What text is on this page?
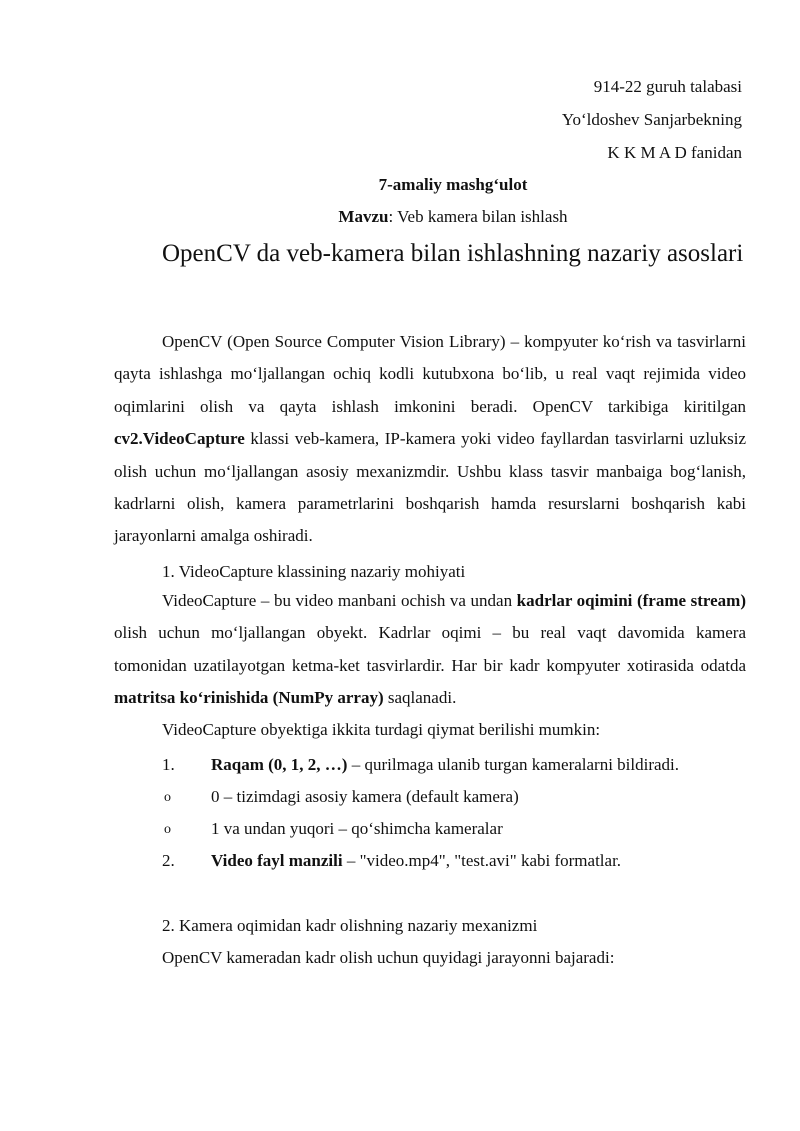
914-22 guruh talabasi
Yo‘ldoshev Sanjarbekning
K K M A D fanidan
7-amaliy mashg‘ulot
Mavzu: Veb kamera bilan ishlash
OpenCV da veb-kamera bilan ishlashning nazariy asoslari

OpenCV (Open Source Computer Vision Library) – kompyuter ko‘rish va tasvirlarni qayta ishlashga mo‘ljallangan ochiq kodli kutubxona bo‘lib, u real vaqt rejimida video oqimlarini olish va qayta ishlash imkonini beradi. OpenCV tarkibiga kiritilgan cv2.VideoCapture klassi veb-kamera, IP-kamera yoki video fayllardan tasvirlarni uzluksiz olish uchun mo‘ljallangan asosiy mexanizmdir. Ushbu klass tasvir manbaiga bog‘lanish, kadrlarni olish, kamera parametrlarini boshqarish hamda resurslarni boshqarish kabi jarayonlarni amalga oshiradi.

1. VideoCapture klassining nazariy mohiyati

VideoCapture – bu video manbani ochish va undan kadrlar oqimini (frame stream) olish uchun mo‘ljallangan obyekt. Kadrlar oqimi – bu real vaqt davomida kamera tomonidan uzatilayotgan ketma-ket tasvirlardir. Har bir kadr kompyuter xotirasida odatda matritsa ko‘rinishida (NumPy array) saqlanadi.

VideoCapture obyektiga ikkita turdagi qiymat berilishi mumkin:
1. Raqam (0, 1, 2, …) – qurilmaga ulanib turgan kameralarni bildiradi.
o 0 – tizimdagi asosiy kamera (default kamera)
o 1 va undan yuqori – qo‘shimcha kameralar
2. Video fayl manzili – "video.mp4", "test.avi" kabi formatlar.
2. Kamera oqimidan kadr olishning nazariy mexanizmi
OpenCV kameradan kadr olish uchun quyidagi jarayonni bajaradi:
